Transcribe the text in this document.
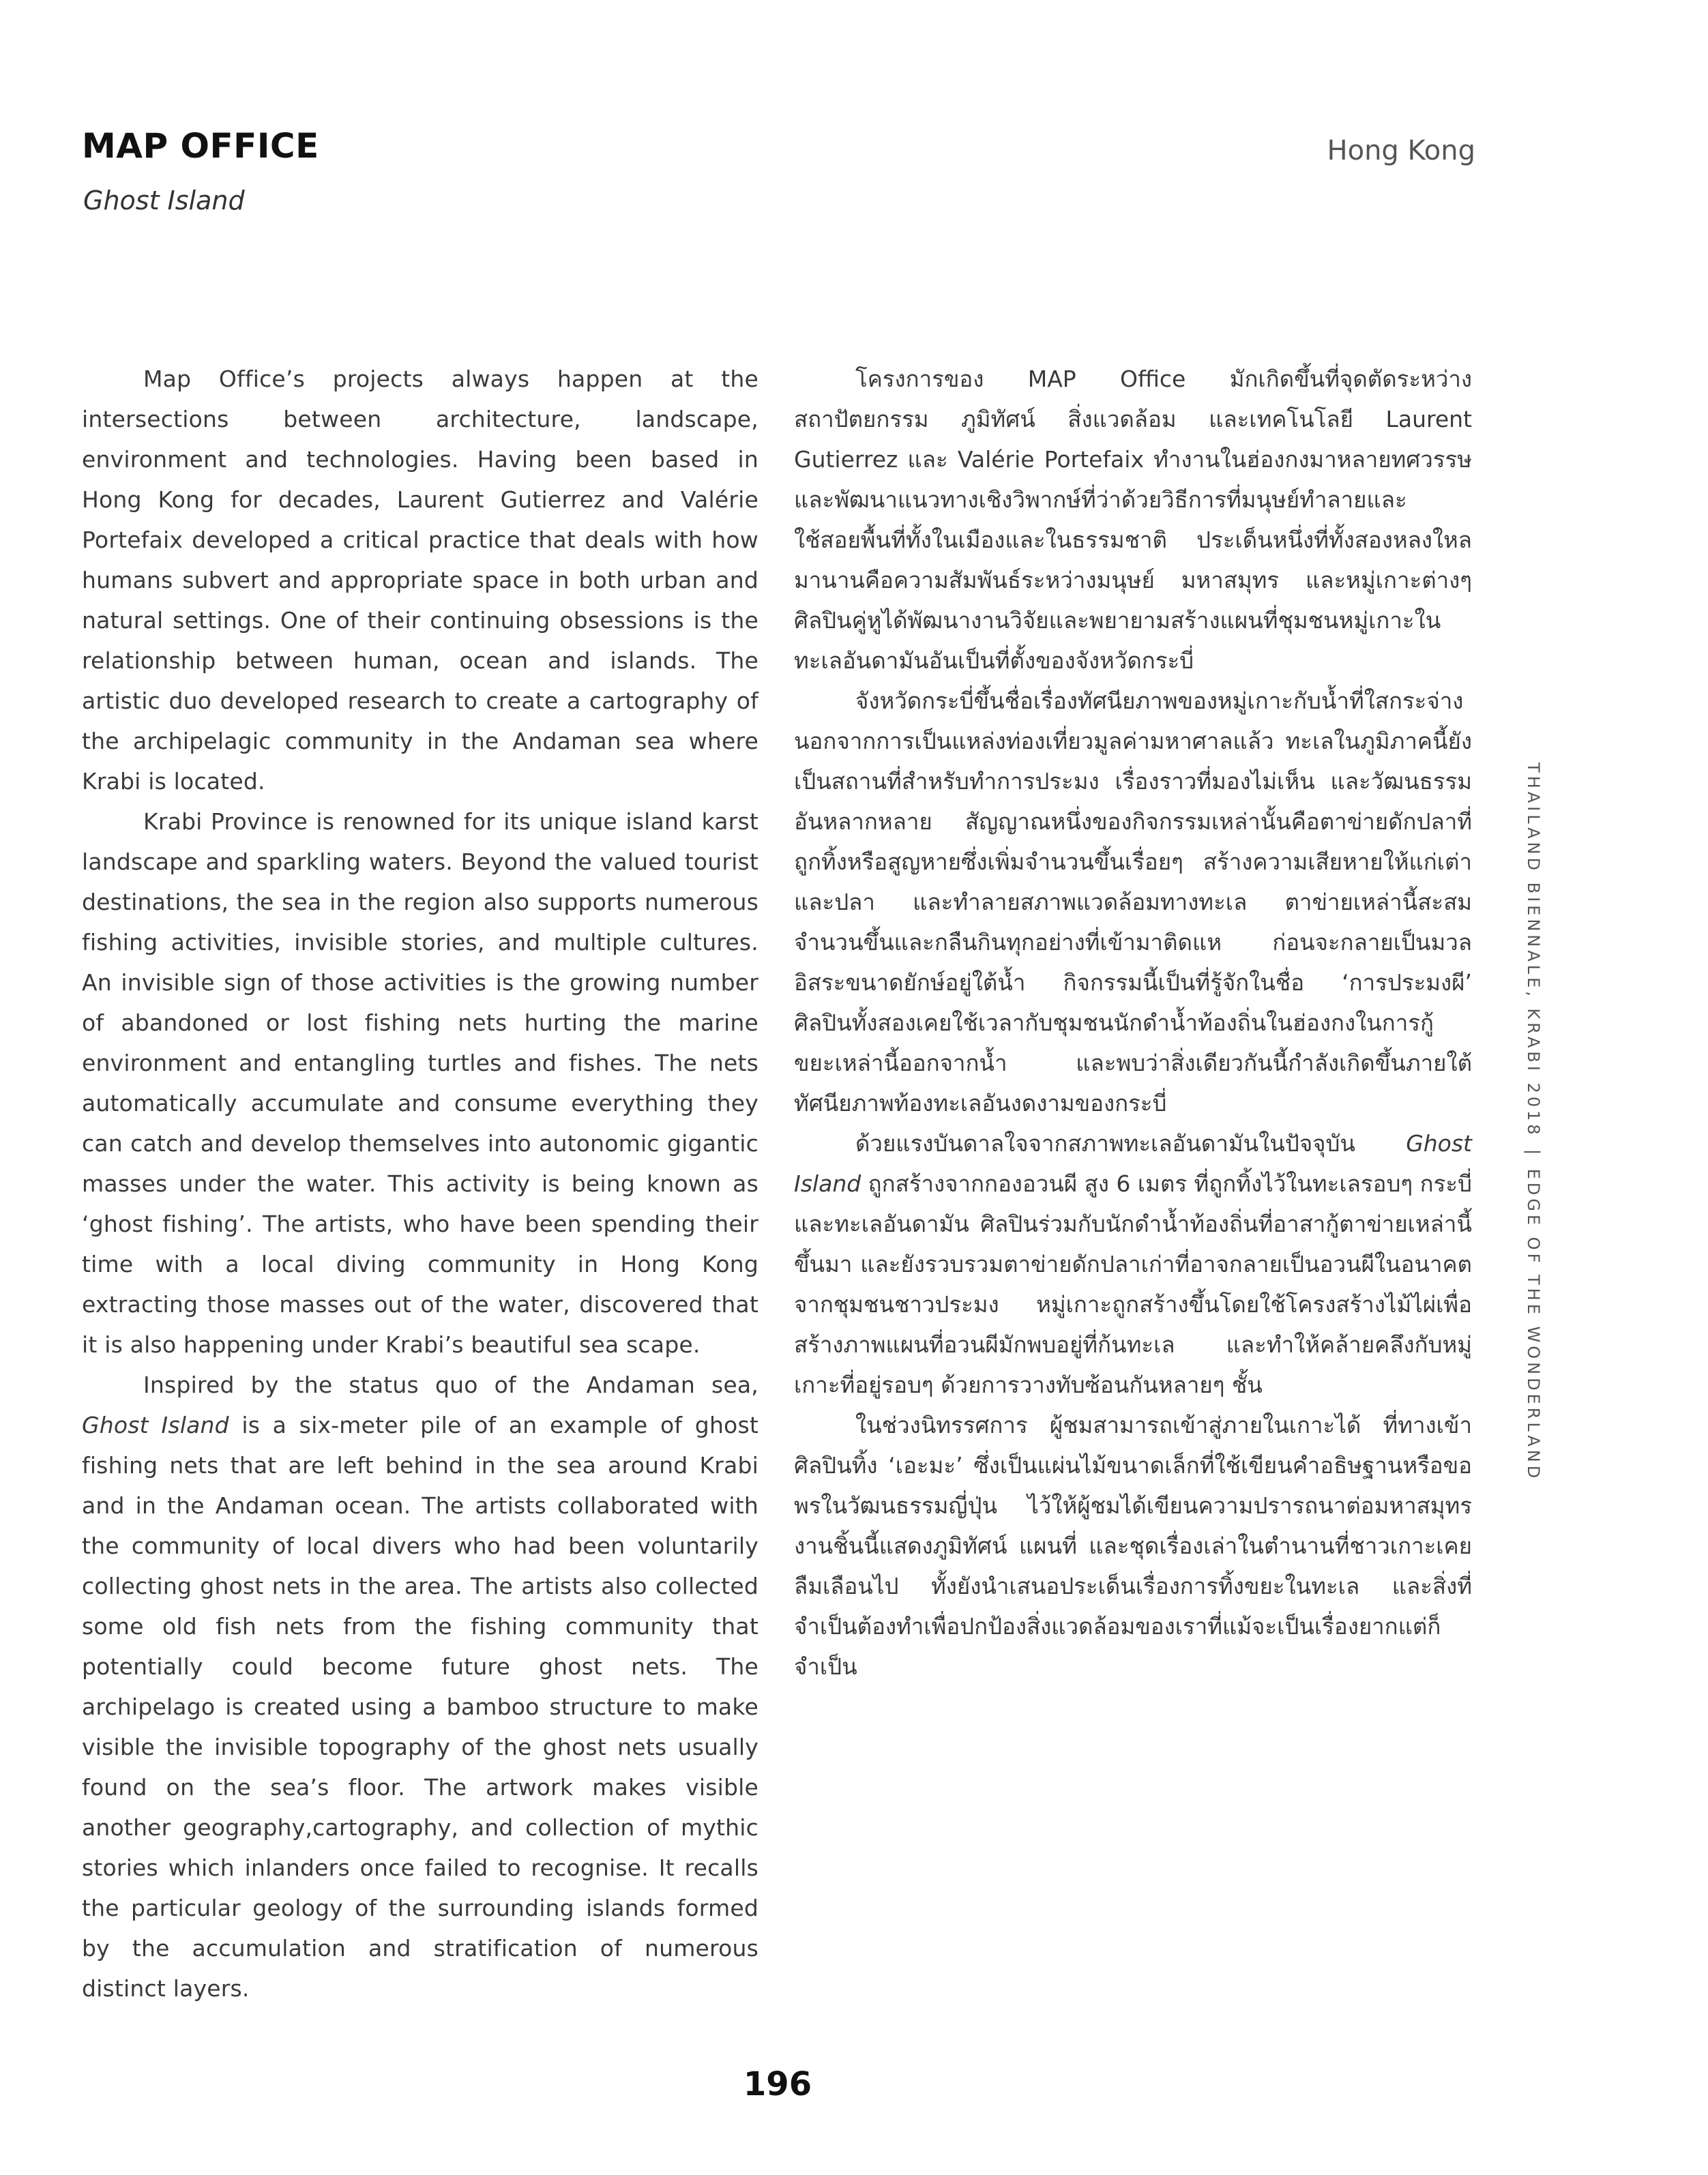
MAP OFFICE

Ghost Island

Hong Kong

Map Office’s projects always happen at the intersections between architecture, landscape, environment and technologies. Having been based in Hong Kong for decades, Laurent Gutierrez and Valérie Portefaix developed a critical practice that deals with how humans subvert and appropriate space in both urban and natural settings. One of their continuing obsessions is the relationship between human, ocean and islands. The artistic duo developed research to create a cartography of the archipelagic community in the Andaman sea where Krabi is located.

Krabi Province is renowned for its unique island karst landscape and sparkling waters. Beyond the valued tourist destinations, the sea in the region also supports numerous fishing activities, invisible stories, and multiple cultures. An invisible sign of those activities is the growing number of abandoned or lost fishing nets hurting the marine environment and entangling turtles and fishes. The nets automatically accumulate and consume everything they can catch and develop themselves into autonomic gigantic masses under the water. This activity is being known as ‘ghost fishing’. The artists, who have been spending their time with a local diving community in Hong Kong extracting those masses out of the water, discovered that it is also happening under Krabi’s beautiful sea scape.

Inspired by the status quo of the Andaman sea, Ghost Island is a six-meter pile of an example of ghost fishing nets that are left behind in the sea around Krabi and in the Andaman ocean. The artists collaborated with the community of local divers who had been voluntarily collecting ghost nets in the area. The artists also collected some old fish nets from the fishing community that potentially could become future ghost nets. The archipelago is created using a bamboo structure to make visible the invisible topography of the ghost nets usually found on the sea’s floor. The artwork makes visible another geography,cartography, and collection of mythic stories which inlanders once failed to recognise. It recalls the particular geology of the surrounding islands formed by the accumulation and stratification of numerous distinct layers.

โครงการของ MAP Office มักเกิดขึ้นที่จุดตัดระหว่างสถาปัตยกรรม ภูมิทัศน์ สิ่งแวดล้อม และเทคโนโลยี Laurent Gutierrez และ Valérie Portefaix ทำงานในฮ่องกงมาหลายทศวรรษ และพัฒนาแนวทางเชิงวิพากษ์ที่ว่าด้วยวิธีการที่มนุษย์ทำลายและใช้สอยพื้นที่ทั้งในเมืองและในธรรมชาติ ประเด็นหนึ่งที่ทั้งสองหลงใหลมานานคือความสัมพันธ์ระหว่างมนุษย์ มหาสมุทร และหมู่เกาะต่างๆ ศิลปินคู่หูได้พัฒนางานวิจัยและพยายามสร้างแผนที่ชุมชนหมู่เกาะในทะเลอันดามันอันเป็นที่ตั้งของจังหวัดกระบี่

จังหวัดกระบี่ขึ้นชื่อเรื่องทัศนียภาพของหมู่เกาะกับน้ำที่ใสกระจ่าง นอกจากการเป็นแหล่งท่องเที่ยวมูลค่ามหาศาลแล้ว ทะเลในภูมิภาคนี้ยังเป็นสถานที่สำหรับทำการประมง เรื่องราวที่มองไม่เห็น และวัฒนธรรมอันหลากหลาย สัญญาณหนึ่งของกิจกรรมเหล่านั้นคือตาข่ายดักปลาที่ถูกทิ้งหรือสูญหายซึ่งเพิ่มจำนวนขึ้นเรื่อยๆ สร้างความเสียหายให้แก่เต่าและปลา และทำลายสภาพแวดล้อมทางทะเล ตาข่ายเหล่านี้สะสมจำนวนขึ้นและกลืนกินทุกอย่างที่เข้ามาติดแห ก่อนจะกลายเป็นมวลอิสระขนาดยักษ์อยู่ใต้น้ำ กิจกรรมนี้เป็นที่รู้จักในชื่อ ‘การประมงผี’ ศิลปินทั้งสองเคยใช้เวลากับชุมชนนักดำน้ำท้องถิ่นในฮ่องกงในการกู้ขยะเหล่านี้ออกจากน้ำ และพบว่าสิ่งเดียวกันนี้กำลังเกิดขึ้นภายใต้ทัศนียภาพท้องทะเลอันงดงามของกระบี่

ด้วยแรงบันดาลใจจากสภาพทะเลอันดามันในปัจจุบัน Ghost Island ถูกสร้างจากกองอวนผี สูง 6 เมตร ที่ถูกทิ้งไว้ในทะเลรอบๆ กระบี่และทะเลอันดามัน ศิลปินร่วมกับนักดำน้ำท้องถิ่นที่อาสากู้ตาข่ายเหล่านี้ขึ้นมา และยังรวบรวมตาข่ายดักปลาเก่าที่อาจกลายเป็นอวนผีในอนาคตจากชุมชนชาวประมง หมู่เกาะถูกสร้างขึ้นโดยใช้โครงสร้างไม้ไผ่เพื่อสร้างภาพแผนที่อวนผีมักพบอยู่ที่ก้นทะเล และทำให้คล้ายคลึงกับหมู่เกาะที่อยู่รอบๆ ด้วยการวางทับซ้อนกันหลายๆ ชั้น

ในช่วงนิทรรศการ ผู้ชมสามารถเข้าสู่ภายในเกาะได้ ที่ทางเข้าศิลปินทิ้ง ‘เอะมะ’ ซึ่งเป็นแผ่นไม้ขนาดเล็กที่ใช้เขียนคำอธิษฐานหรือขอพรในวัฒนธรรมญี่ปุ่น ไว้ให้ผู้ชมได้เขียนความปรารถนาต่อมหาสมุทร งานชิ้นนี้แสดงภูมิทัศน์ แผนที่ และชุดเรื่องเล่าในตำนานที่ชาวเกาะเคยลืมเลือนไป ทั้งยังนำเสนอประเด็นเรื่องการทิ้งขยะในทะเล และสิ่งที่จำเป็นต้องทำเพื่อปกป้องสิ่งแวดล้อมของเราที่แม้จะเป็นเรื่องยากแต่ก็จำเป็น

THAILAND BIENNALE, KRABI 2018|EDGE OF THE WONDERLAND
196
